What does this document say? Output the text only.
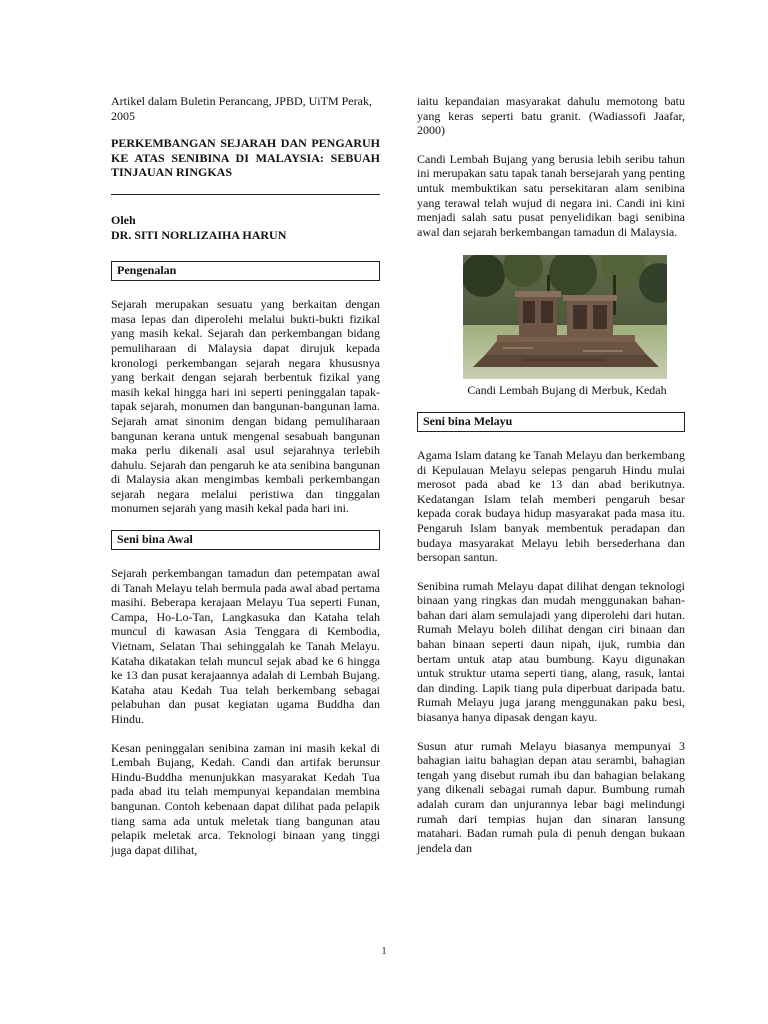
Artikel dalam Buletin Perancang, JPBD, UiTM Perak, 2005

PERKEMBANGAN SEJARAH DAN PENGARUH KE ATAS SENIBINA DI MALAYSIA: SEBUAH TINJAUAN RINGKAS

Oleh
DR. SITI NORLIZAIHA HARUN

Pengenalan

Sejarah merupakan sesuatu yang berkaitan dengan masa lepas dan diperolehi melalui bukti-bukti fizikal yang masih kekal. Sejarah dan perkembangan bidang pemuliharaan di Malaysia dapat dirujuk kepada kronologi perkembangan sejarah negara khususnya yang berkait dengan sejarah berbentuk fizikal yang masih kekal hingga hari ini seperti peninggalan tapak-tapak sejarah, monumen dan bangunan-bangunan lama. Sejarah amat sinonim dengan bidang pemuliharaan bangunan kerana untuk mengenal sesabuah bangunan maka perlu dikenali asal usul sejarahnya terlebih dahulu. Sejarah dan pengaruh ke ata senibina bangunan di Malaysia akan mengimbas kembali perkembangan sejarah negara melalui peristiwa dan tinggalan monumen sejarah yang masih kekal pada hari ini.

Seni bina Awal

Sejarah perkembangan tamadun dan petempatan awal di Tanah Melayu telah bermula pada awal abad pertama masihi. Beberapa kerajaan Melayu Tua seperti Funan, Campa, Ho-Lo-Tan, Langkasuka dan Kataha telah muncul di kawasan Asia Tenggara di Kembodia, Vietnam, Selatan Thai sehinggalah ke Tanah Melayu. Kataha dikatakan telah muncul sejak abad ke 6 hingga ke 13 dan pusat kerajaannya adalah di Lembah Bujang. Kataha atau Kedah Tua telah berkembang sebagai pelabuhan dan pusat kegiatan ugama Buddha dan Hindu.

Kesan peninggalan senibina zaman ini masih kekal di Lembah Bujang, Kedah. Candi dan artifak berunsur Hindu-Buddha menunjukkan masyarakat Kedah Tua pada abad itu telah mempunyai kepandaian membina bangunan. Contoh kebenaan dapat dilihat pada pelapik tiang sama ada untuk meletak tiang bangunan atau pelapik meletak arca. Teknologi binaan yang tinggi juga dapat dilihat,

iaitu kepandaian masyarakat dahulu memotong batu yang keras seperti batu granit. (Wadiassofi Jaafar, 2000)

Candi Lembah Bujang yang berusia lebih seribu tahun ini merupakan satu tapak tanah bersejarah yang penting untuk membuktikan satu persekitaran alam senibina yang terawal telah wujud di negara ini. Candi ini kini menjadi salah satu pusat penyelidikan bagi senibina awal dan sejarah berkembangan tamadun di Malaysia.

Candi Lembah Bujang di Merbuk, Kedah

Seni bina Melayu

Agama Islam datang ke Tanah Melayu dan berkembang di Kepulauan Melayu selepas pengaruh Hindu mulai merosot pada abad ke 13 dan abad berikutnya. Kedatangan Islam telah memberi pengaruh besar kepada corak budaya hidup masyarakat pada masa itu. Pengaruh Islam banyak membentuk peradapan dan budaya masyarakat Melayu lebih bersederhana dan bersopan santun.

Senibina rumah Melayu dapat dilihat dengan teknologi binaan yang ringkas dan mudah menggunakan bahan-bahan dari alam semulajadi yang diperolehi dari hutan. Rumah Melayu boleh dilihat dengan ciri binaan dan bahan binaan seperti daun nipah, ijuk, rumbia dan bertam untuk atap atau bumbung. Kayu digunakan untuk struktur utama seperti tiang, alang, rasuk, lantai dan dinding. Lapik tiang pula diperbuat daripada batu. Rumah Melayu juga jarang menggunakan paku besi, biasanya hanya dipasak dengan kayu.

Susun atur rumah Melayu biasanya mempunyai 3 bahagian iaitu bahagian depan atau serambi, bahagian tengah yang disebut rumah ibu dan bahagian belakang yang dikenali sebagai rumah dapur. Bumbung rumah adalah curam dan unjurannya lebar bagi melindungi rumah dari tempias hujan dan sinaran lansung matahari. Badan rumah pula di penuh dengan bukaan jendela dan

1
